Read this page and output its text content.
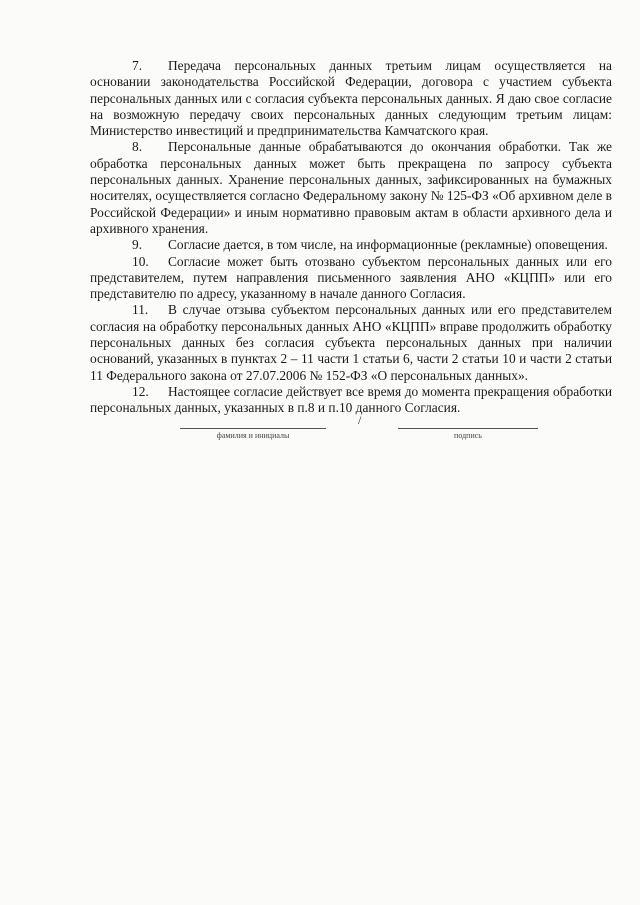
7. Передача персональных данных третьим лицам осуществляется на основании законодательства Российской Федерации, договора с участием субъекта персональных данных или с согласия субъекта персональных данных. Я даю свое согласие на возможную передачу своих персональных данных следующим третьим лицам: Министерство инвестиций и предпринимательства Камчатского края.

8. Персональные данные обрабатываются до окончания обработки. Так же обработка персональных данных может быть прекращена по запросу субъекта персональных данных. Хранение персональных данных, зафиксированных на бумажных носителях, осуществляется согласно Федеральному закону № 125-ФЗ «Об архивном деле в Российской Федерации» и иным нормативно правовым актам в области архивного дела и архивного хранения.

9. Согласие дается, в том числе, на информационные (рекламные) оповещения.

10. Согласие может быть отозвано субъектом персональных данных или его представителем, путем направления письменного заявления АНО «КЦПП» или его представителю по адресу, указанному в начале данного Согласия.

11. В случае отзыва субъектом персональных данных или его представителем согласия на обработку персональных данных АНО «КЦПП» вправе продолжить обработку персональных данных без согласия субъекта персональных данных при наличии оснований, указанных в пунктах 2 – 11 части 1 статьи 6, части 2 статьи 10 и части 2 статьи 11 Федерального закона от 27.07.2006 № 152-ФЗ «О персональных данных».

12. Настоящее согласие действует все время до момента прекращения обработки персональных данных, указанных в п.8 и п.10 данного Согласия.

/
фамилия и инициалы	подпись
